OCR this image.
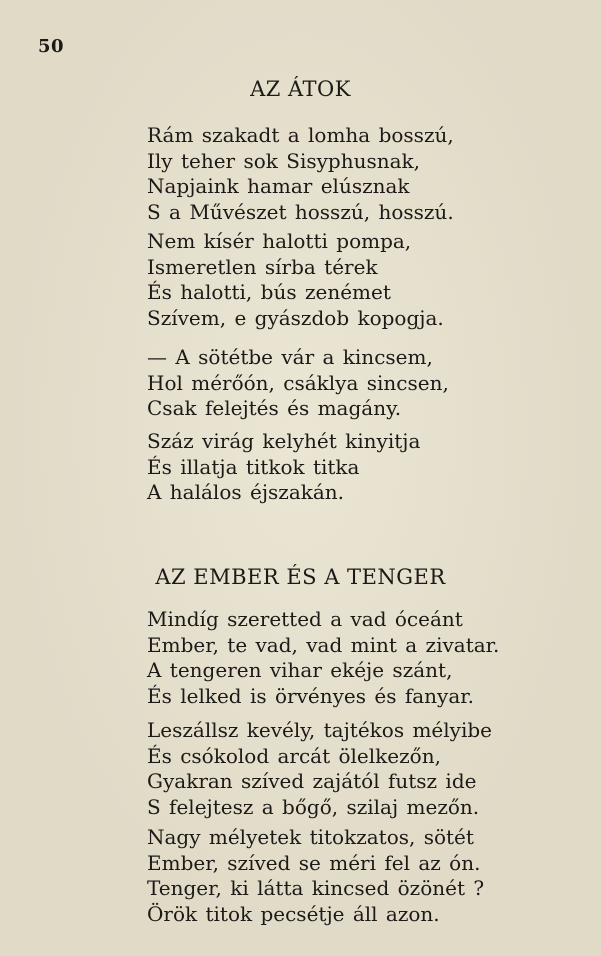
50
AZ ÁTOK
Rám szakadt a lomha bosszú,
Ily teher sok Sisyphusnak,
Napjaink hamar elúsznak
S a Művészet hosszú, hosszú.
Nem kísér halotti pompa,
Ismeretlen sírba térek
És halotti, bús zenémet
Szívem, e gyászdob kopogja.
— A sötétbe vár a kincsem,
Hol mérőón, csáklya sincsen,
Csak felejtés és magány.
Száz virág kelyhét kinyitja
És illatja titkok titka
A halálos éjszakán.
AZ EMBER ÉS A TENGER
Mindíg szeretted a vad óceánt
Ember, te vad, vad mint a zivatar.
A tengeren vihar ekéje szánt,
És lelked is örvényes és fanyar.
Leszállsz kevély, tajtékos mélyibe
És csókolod arcát ölelkezőn,
Gyakran szíved zajától futsz ide
S felejtesz a bőgő, szilaj mezőn.
Nagy mélyetek titokzatos, sötét
Ember, szíved se méri fel az ón.
Tenger, ki látta kincsed özönét ?
Örök titok pecsétje áll azon.
